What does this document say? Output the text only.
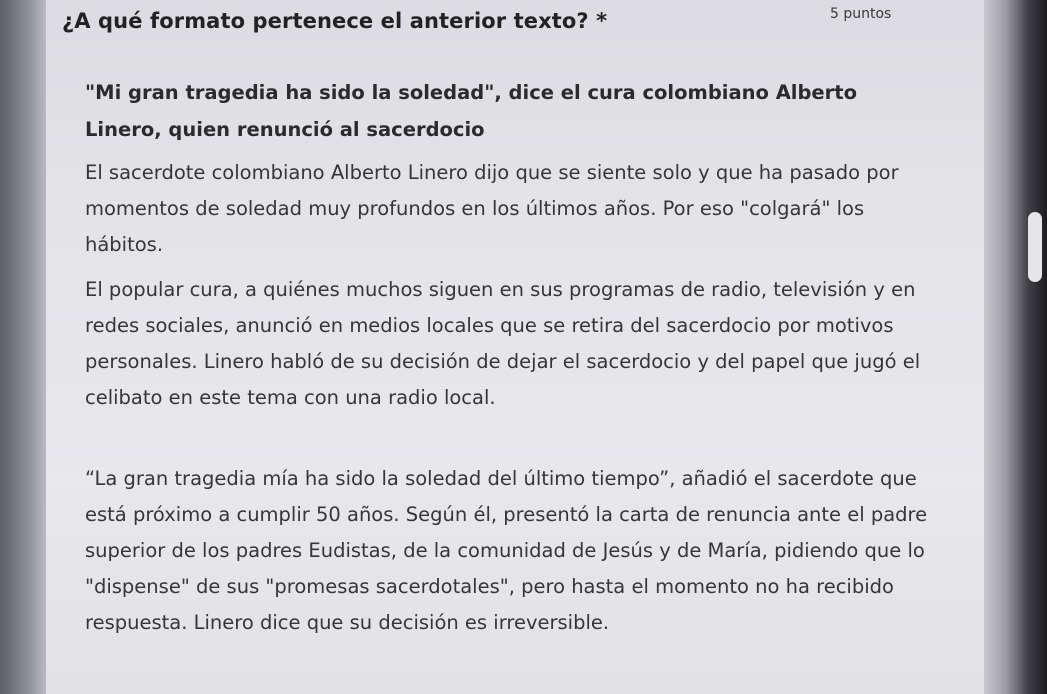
¿A qué formato pertenece el anterior texto? *	5 puntos
"Mi gran tragedia ha sido la soledad", dice el cura colombiano Alberto Linero, quien renunció al sacerdocio
El sacerdote colombiano Alberto Linero dijo que se siente solo y que ha pasado por momentos de soledad muy profundos en los últimos años. Por eso "colgará" los hábitos.
El popular cura, a quiénes muchos siguen en sus programas de radio, televisión y en redes sociales, anunció en medios locales que se retira del sacerdocio por motivos personales. Linero habló de su decisión de dejar el sacerdocio y del papel que jugó el celibato en este tema con una radio local.
“La gran tragedia mía ha sido la soledad del último tiempo”, añadió el sacerdote que está próximo a cumplir 50 años. Según él, presentó la carta de renuncia ante el padre superior de los padres Eudistas, de la comunidad de Jesús y de María, pidiendo que lo "dispense" de sus "promesas sacerdotales", pero hasta el momento no ha recibido respuesta. Linero dice que su decisión es irreversible.
